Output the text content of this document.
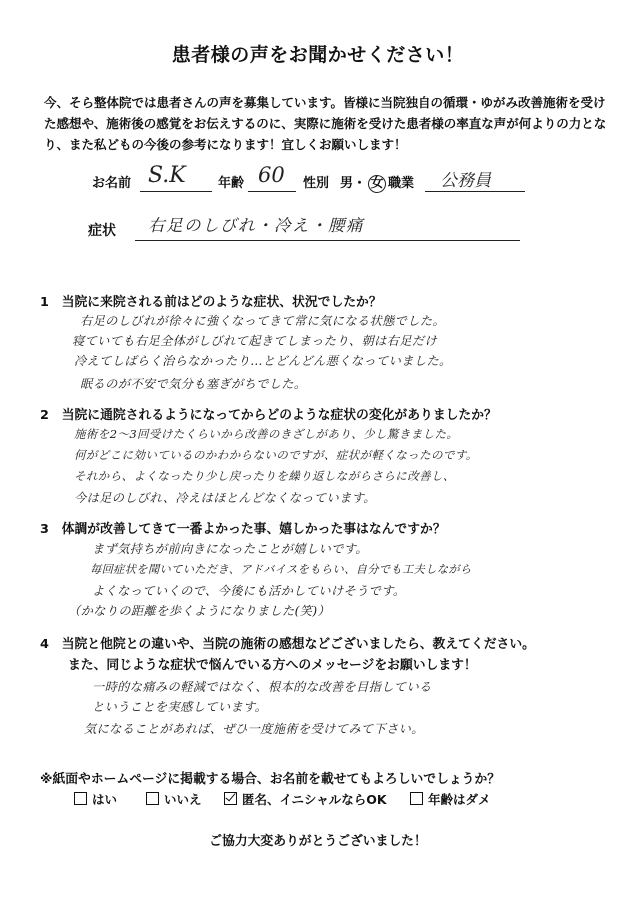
患者様の声をお聞かせください！
今、そら整体院では患者さんの声を募集しています。皆様に当院独自の循環・ゆがみ改善施術を受けた感想や、施術後の感覚をお伝えするのに、実際に施術を受けた患者様の率直な声が何よりの力となり、また私どもの今後の参考になります！宜しくお願いします！
お名前 S.K 年齢 60 性別 男・ 女 職業 公務員
症状 右足のしびれ・冷え・腰痛
1　 当院に来院される前はどのような症状、状況でしたか？
右足のしびれが徐々に強くなってきて常に気になる状態でした。
寝ていても右足全体がしびれて起きてしまったり、朝は右足だけ
冷えてしばらく治らなかったり…とどんどん悪くなっていました。
眠るのが不安で気分も塞ぎがちでした。
2　 当院に通院されるようになってからどのような症状の変化がありましたか？
施術を2〜3回受けたくらいから改善のきざしがあり、少し驚きました。
何がどこに効いているのかわからないのですが、症状が軽くなったのです。
それから、よくなったり少し戻ったりを繰り返しながらさらに改善し、
今は足のしびれ、冷えはほとんどなくなっています。
3　 体調が改善してきて一番よかった事、嬉しかった事はなんですか？
まず気持ちが前向きになったことが嬉しいです。
毎回症状を聞いていただき、アドバイスをもらい、自分でも工夫しながら
よくなっていくので、今後にも活かしていけそうです。
（かなりの距離を歩くようになりました(笑)）
4　 当院と他院との違いや、当院の施術の感想などございましたら、教えてください。
また、同じような症状で悩んでいる方へのメッセージをお願いします！
一時的な痛みの軽減ではなく、根本的な改善を目指している
ということを実感しています。
気になることがあれば、ぜひ一度施術を受けてみて下さい。
※紙面やホームページに掲載する場合、お名前を載せてもよろしいでしょうか？
はい	いいえ	匿名、イニシャルならOK	年齢はダメ
ご協力大変ありがとうございました！
